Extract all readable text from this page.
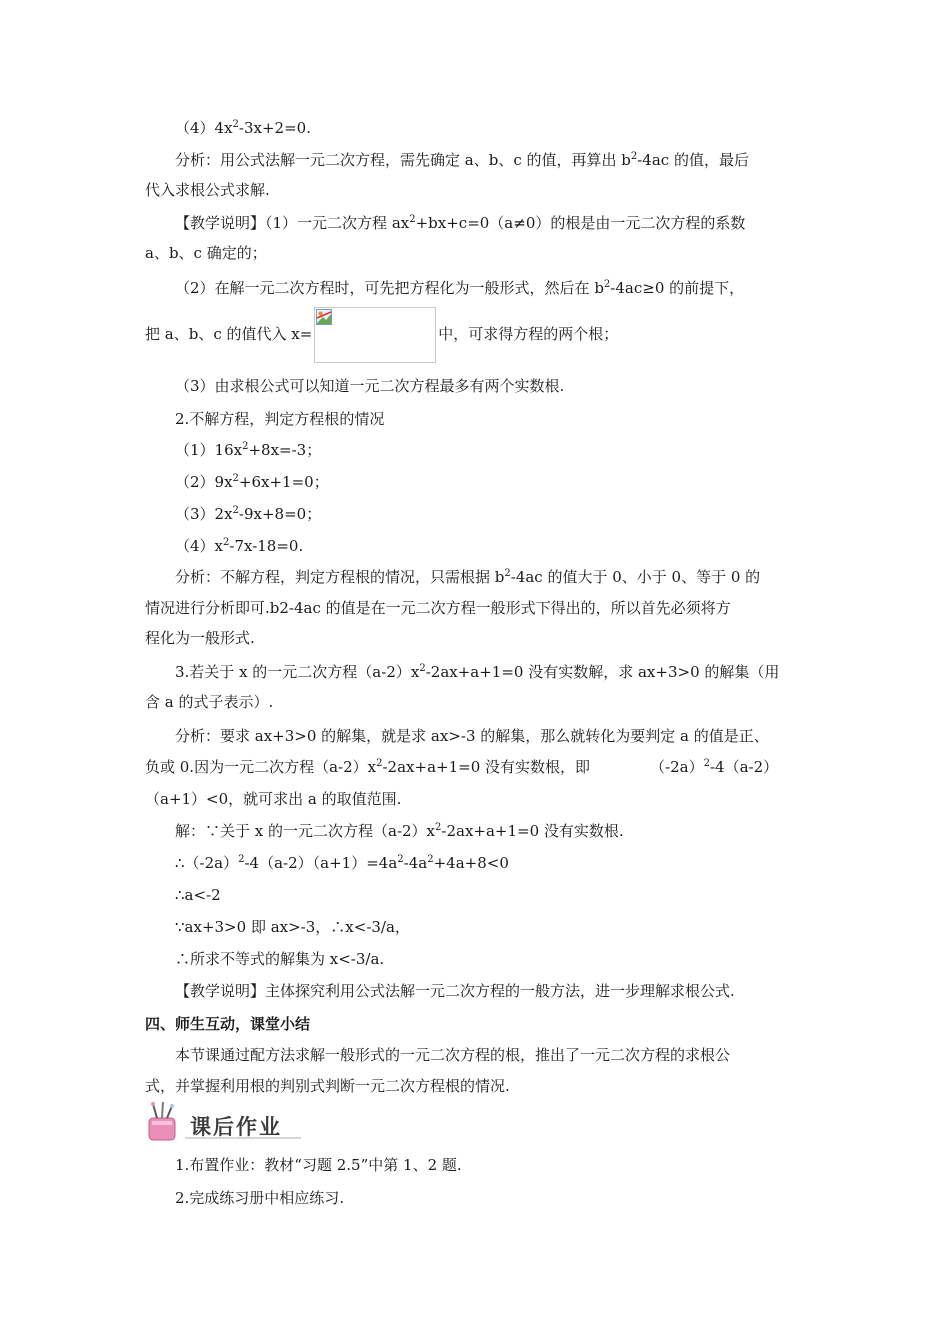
$(4)4x^2-3x+2=0$.
分析：用公式法解一元二次方程，需先确定 a、b、c 的值，再算出 $b^2-4ac$ 的值，最后
代入求根公式求解.
【教学说明】（1）一元二次方程 $ax^2+bx+c=0(a\ne 0)$的根是由一元二次方程的系数
a、b、c 确定的；
（2）在解一元二次方程时，可先把方程化为一般形式，然后在 $b^2-4ac\ge 0$ 的前提下，
把 a、b、c 的值代入 x=	中，可求得方程的两个根；
（3）由求根公式可以知道一元二次方程最多有两个实数根.
2.不解方程，判定方程根的情况
$(1)16x^2+8x=-3$；
$(2)9x^2+6x+1=0$；
$(3)2x^2-9x+8=0$；
$(4)x^2-7x-18=0$.
分析：不解方程，判定方程根的情况，只需根据 $b^2-4ac$ 的值大于 0、小于 0、等于 0 的
情况进行分析即可.b2-4ac 的值是在一元二次方程一般形式下得出的，所以首先必须将方
程化为一般形式.
3.若关于 x 的一元二次方程$(a-2)x^2-2ax+a+1=0$ 没有实数解，求 ax+3>0 的解集（用
含 a 的式子表示）.
分析：要求 ax+3>0 的解集，就是求 ax>-3 的解集，那么就转化为要判定 a 的值是正、
负或 0.因为一元二次方程$(a-2)x^2-2ax+a+1=0$ 没有实数根，即	$(-2a)^2-4(a-2)$
（a+1）<0，就可求出 a 的取值范围.
解：∵关于 x 的一元二次方程$(a-2)x^2-2ax+a+1=0$ 没有实数根.
$\therefore(-2a)^2-4(a-2)(a+1)=4a^2-4a^2+4a+8<0$
∴a<-2
∵ax+3>0 即 ax>-3，∴x<-3/a，
∴所求不等式的解集为 x<-3/a.
【教学说明】主体探究利用公式法解一元二次方程的一般方法，进一步理解求根公式.
四、师生互动，课堂小结
本节课通过配方法求解一般形式的一元二次方程的根，推出了一元二次方程的求根公
式，并掌握利用根的判别式判断一元二次方程根的情况.
课后作业
1.布置作业：教材“习题 2.5”中第 1、2 题.
2.完成练习册中相应练习.
